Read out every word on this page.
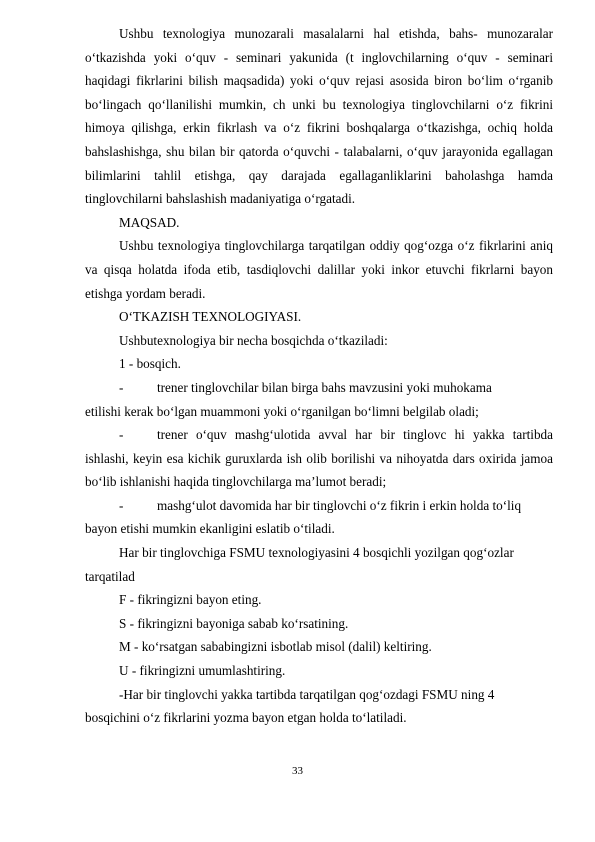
Ushbu texnologiya munozarali masalalarni hal etishda, bahs- munozaralar o‘tkazishda yoki o‘quv - seminari yakunida (t inglovchilarning o‘quv - seminari haqidagi fikrlarini bilish maqsadida) yoki o‘quv rejasi asosida biron bo‘lim o‘rganib bo‘lingach qo‘llanilishi mumkin, ch unki bu texnologiya tinglovchilarni o‘z fikrini himoya qilishga, erkin fikrlash va o‘z fikrini boshqalarga o‘tkazishga, ochiq holda bahslashishga, shu bilan bir qatorda o‘quvchi - talabalarni, o‘quv jarayonida egallagan bilimlarini tahlil etishga, qay darajada egallaganliklarini baholashga hamda tinglovchilarni bahslashish madaniyatiga o‘rgatadi.

MAQSAD.

Ushbu texnologiya tinglovchilarga tarqatilgan oddiy qog‘ozga o‘z fikrlarini aniq va qisqa holatda ifoda etib, tasdiqlovchi dalillar yoki inkor etuvchi fikrlarni bayon etishga yordam beradi.

O‘TKAZISH TEXNOLOGIYASI.

Ushbutexnologiya bir necha bosqichda o‘tkaziladi:

1 - bosqich.

-	trener tinglovchilar bilan birga bahs mavzusini yoki muhokama

etilishi kerak bo‘lgan muammoni yoki o‘rganilgan bo‘limni belgilab oladi;

-	trener o‘quv mashg‘ulotida avval har bir tinglovc hi yakka tartibda ishlashi, keyin esa kichik guruxlarda ish olib borilishi va nihoyatda dars oxirida jamoa bo‘lib ishlanishi haqida tinglovchilarga ma’lumot beradi;

-	mashg‘ulot davomida har bir tinglovchi o‘z fikrin i erkin holda to‘liq

bayon etishi mumkin ekanligini eslatib o‘tiladi.

Har bir tinglovchiga FSMU texnologiyasini 4 bosqichli yozilgan qog‘ozlar

tarqatilad

F - fikringizni bayon eting.

S - fikringizni bayoniga sabab ko‘rsatining.

M - ko‘rsatgan sababingizni isbotlab misol (dalil) keltiring.

U - fikringizni umumlashtiring.

-Har bir tinglovchi yakka tartibda tarqatilgan qog‘ozdagi FSMU ning 4

bosqichini o‘z fikrlarini yozma bayon etgan holda to‘latiladi.

33
